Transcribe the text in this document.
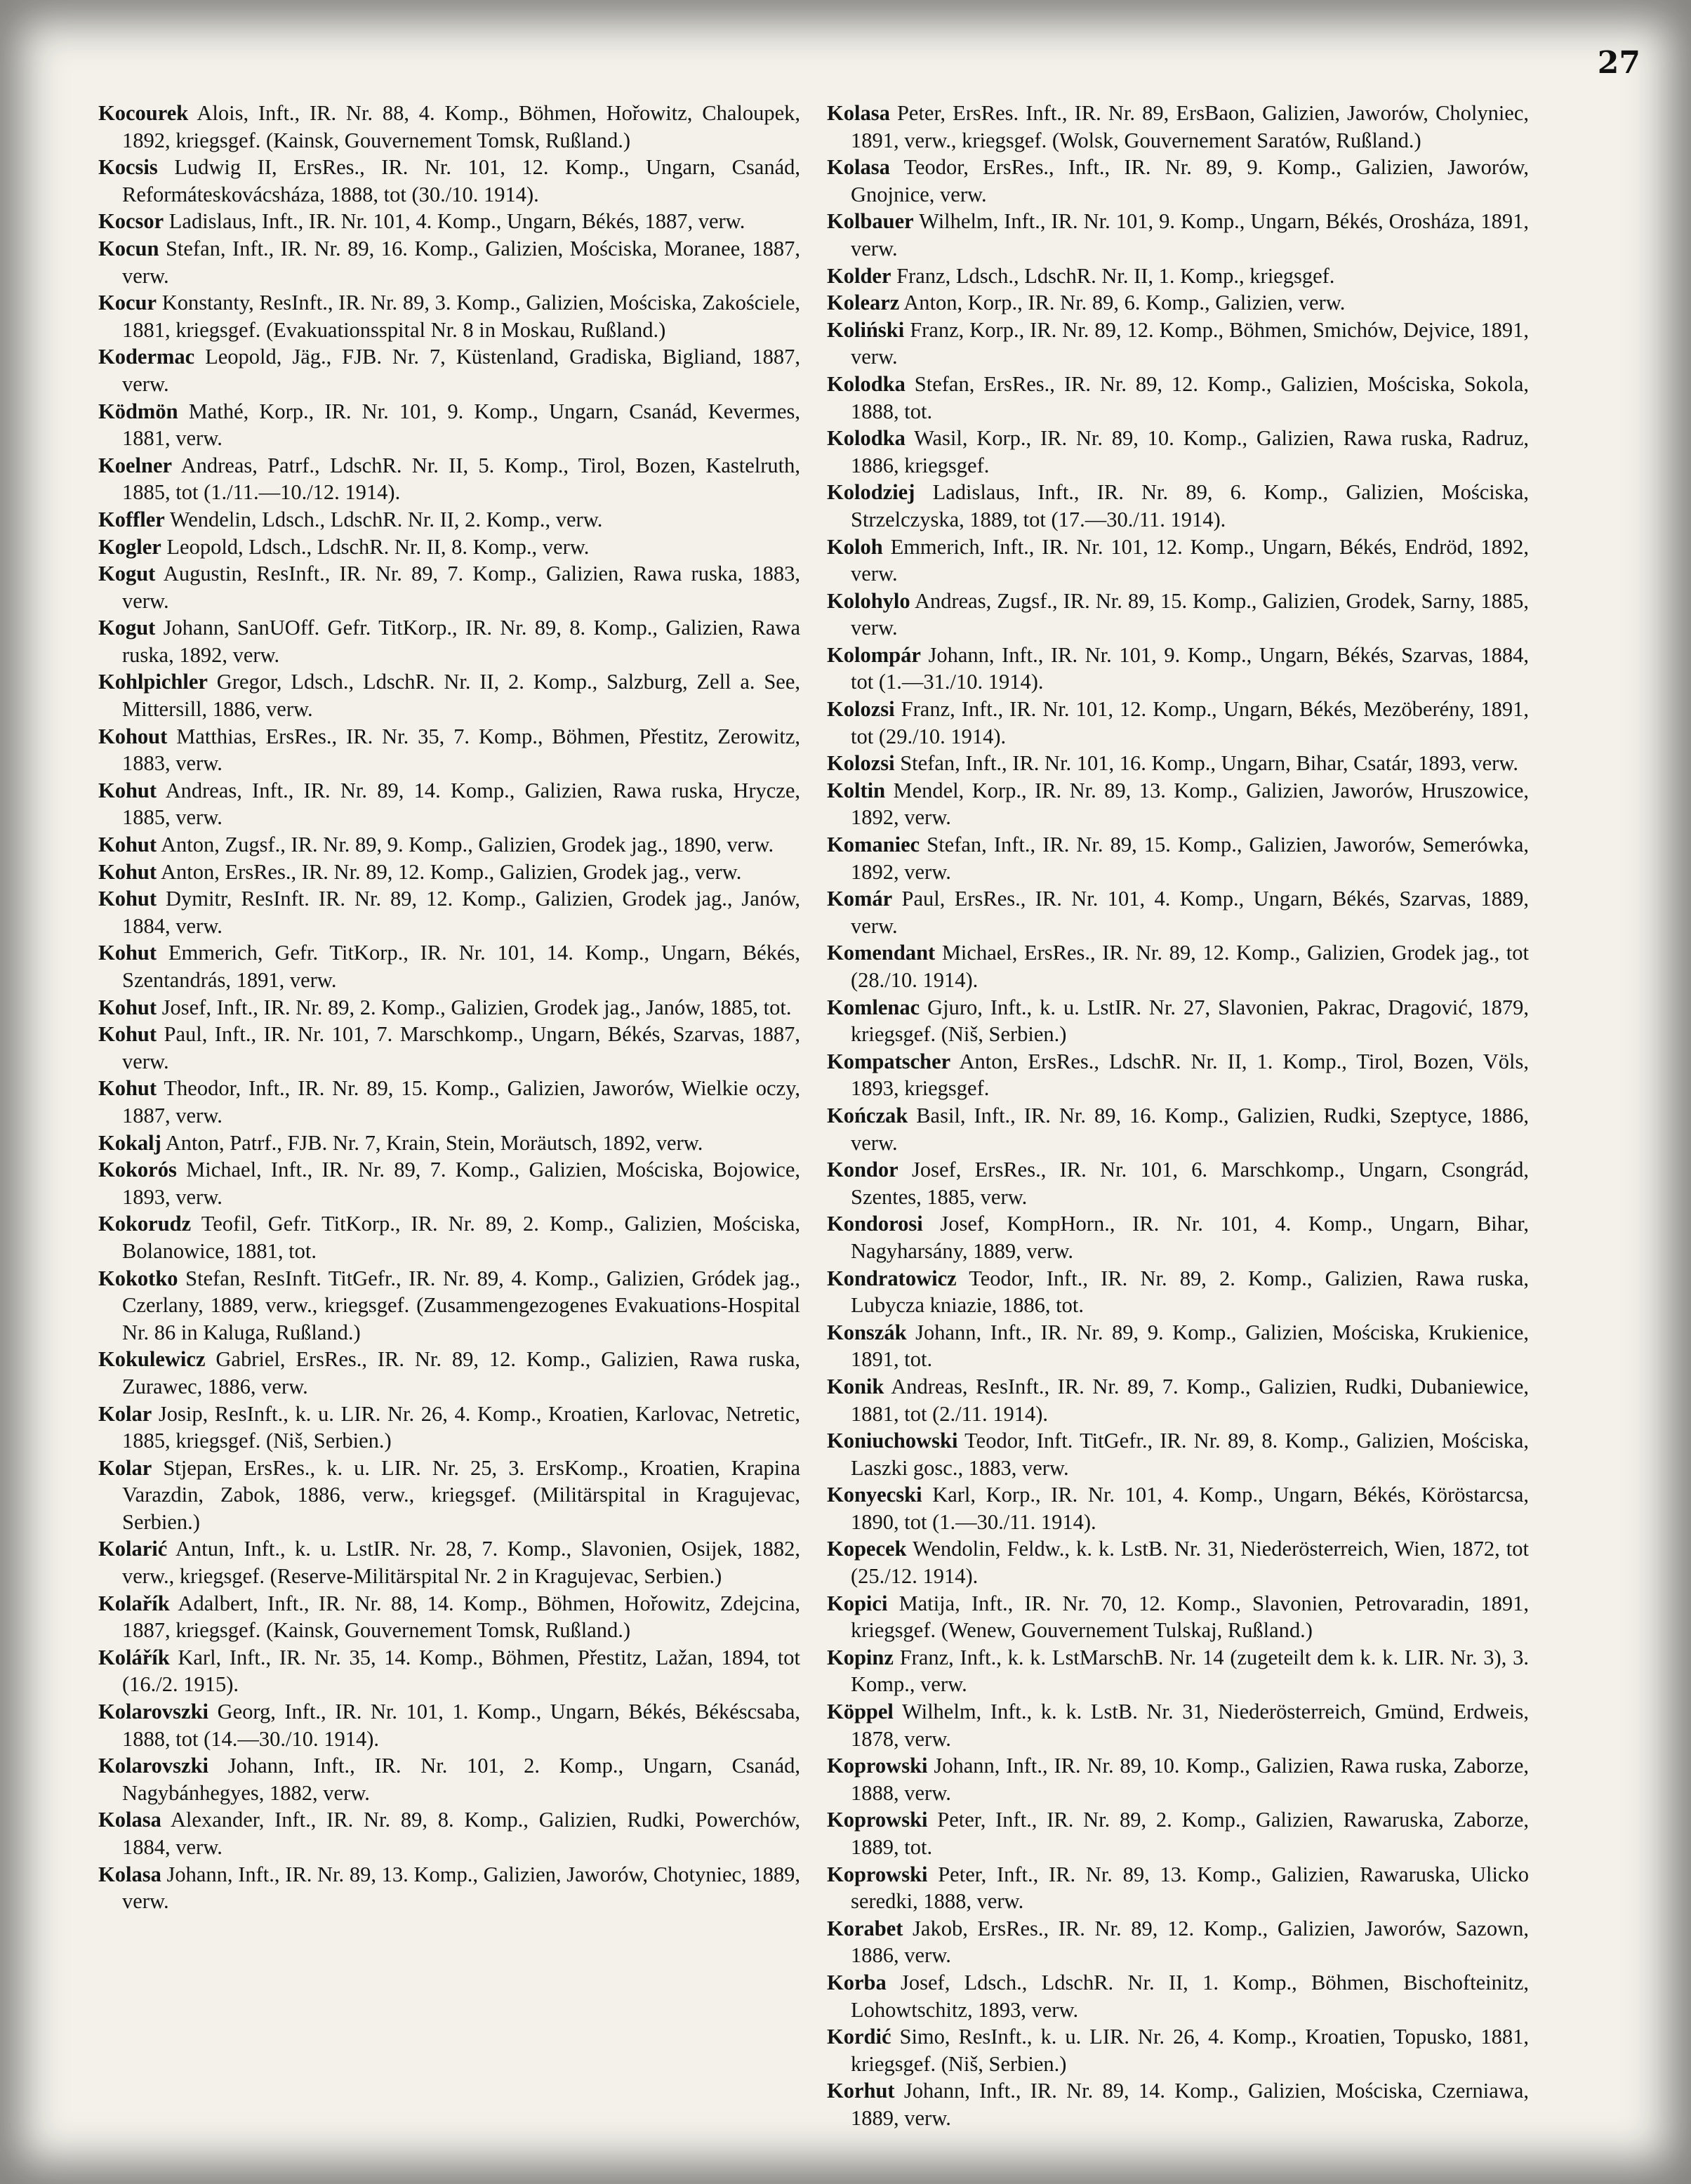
27

Kocourek Alois, Inft., IR. Nr. 88, 4. Komp., Böhmen, Hořowitz, Chaloupek, 1892, kriegsgef. (Kainsk, Gouvernement Tomsk, Rußland.)

Kocsis Ludwig II, ErsRes., IR. Nr. 101, 12. Komp., Ungarn, Csanád, Reformáteskovácsháza, 1888, tot (30./10. 1914).

Kocsor Ladislaus, Inft., IR. Nr. 101, 4. Komp., Ungarn, Békés, 1887, verw.

Kocun Stefan, Inft., IR. Nr. 89, 16. Komp., Galizien, Mościska, Moranee, 1887, verw.

Kocur Konstanty, ResInft., IR. Nr. 89, 3. Komp., Galizien, Mościska, Zakościele, 1881, kriegsgef. (Evakuationsspital Nr. 8 in Moskau, Rußland.)

Kodermac Leopold, Jäg., FJB. Nr. 7, Küstenland, Gradiska, Bigliand, 1887, verw.

Ködmön Mathé, Korp., IR. Nr. 101, 9. Komp., Ungarn, Csanád, Kevermes, 1881, verw.

Koelner Andreas, Patrf., LdschR. Nr. II, 5. Komp., Tirol, Bozen, Kastelruth, 1885, tot (1./11.—10./12. 1914).

Koffler Wendelin, Ldsch., LdschR. Nr. II, 2. Komp., verw.

Kogler Leopold, Ldsch., LdschR. Nr. II, 8. Komp., verw.

Kogut Augustin, ResInft., IR. Nr. 89, 7. Komp., Galizien, Rawa ruska, 1883, verw.

Kogut Johann, SanUOff. Gefr. TitKorp., IR. Nr. 89, 8. Komp., Galizien, Rawa ruska, 1892, verw.

Kohlpichler Gregor, Ldsch., LdschR. Nr. II, 2. Komp., Salzburg, Zell a. See, Mittersill, 1886, verw.

Kohout Matthias, ErsRes., IR. Nr. 35, 7. Komp., Böhmen, Přestitz, Zerowitz, 1883, verw.

Kohut Andreas, Inft., IR. Nr. 89, 14. Komp., Galizien, Rawa ruska, Hrycze, 1885, verw.

Kohut Anton, Zugsf., IR. Nr. 89, 9. Komp., Galizien, Grodek jag., 1890, verw.

Kohut Anton, ErsRes., IR. Nr. 89, 12. Komp., Galizien, Grodek jag., verw.

Kohut Dymitr, ResInft. IR. Nr. 89, 12. Komp., Galizien, Grodek jag., Janów, 1884, verw.

Kohut Emmerich, Gefr. TitKorp., IR. Nr. 101, 14. Komp., Ungarn, Békés, Szentandrás, 1891, verw.

Kohut Josef, Inft., IR. Nr. 89, 2. Komp., Galizien, Grodek jag., Janów, 1885, tot.

Kohut Paul, Inft., IR. Nr. 101, 7. Marschkomp., Ungarn, Békés, Szarvas, 1887, verw.

Kohut Theodor, Inft., IR. Nr. 89, 15. Komp., Galizien, Jaworów, Wielkie oczy, 1887, verw.

Kokalj Anton, Patrf., FJB. Nr. 7, Krain, Stein, Moräutsch, 1892, verw.

Kokorós Michael, Inft., IR. Nr. 89, 7. Komp., Galizien, Mościska, Bojowice, 1893, verw.

Kokorudz Teofil, Gefr. TitKorp., IR. Nr. 89, 2. Komp., Galizien, Mościska, Bolanowice, 1881, tot.

Kokotko Stefan, ResInft. TitGefr., IR. Nr. 89, 4. Komp., Galizien, Gródek jag., Czerlany, 1889, verw., kriegsgef. (Zusammengezogenes Evakuations-Hospital Nr. 86 in Kaluga, Rußland.)

Kokulewicz Gabriel, ErsRes., IR. Nr. 89, 12. Komp., Galizien, Rawa ruska, Zurawec, 1886, verw.

Kolar Josip, ResInft., k. u. LIR. Nr. 26, 4. Komp., Kroatien, Karlovac, Netretic, 1885, kriegsgef. (Niš, Serbien.)

Kolar Stjepan, ErsRes., k. u. LIR. Nr. 25, 3. ErsKomp., Kroatien, Krapina Varazdin, Zabok, 1886, verw., kriegsgef. (Militärspital in Kragujevac, Serbien.)

Kolarić Antun, Inft., k. u. LstIR. Nr. 28, 7. Komp., Slavonien, Osijek, 1882, verw., kriegsgef. (Reserve-Militärspital Nr. 2 in Kragujevac, Serbien.)

Kolařík Adalbert, Inft., IR. Nr. 88, 14. Komp., Böhmen, Hořowitz, Zdejcina, 1887, kriegsgef. (Kainsk, Gouvernement Tomsk, Rußland.)

Kolářík Karl, Inft., IR. Nr. 35, 14. Komp., Böhmen, Přestitz, Lažan, 1894, tot (16./2. 1915).

Kolarovszki Georg, Inft., IR. Nr. 101, 1. Komp., Ungarn, Békés, Békéscsaba, 1888, tot (14.—30./10. 1914).

Kolarovszki Johann, Inft., IR. Nr. 101, 2. Komp., Ungarn, Csanád, Nagybánhegyes, 1882, verw.

Kolasa Alexander, Inft., IR. Nr. 89, 8. Komp., Galizien, Rudki, Powerchów, 1884, verw.

Kolasa Johann, Inft., IR. Nr. 89, 13. Komp., Galizien, Jaworów, Chotyniec, 1889, verw.

Kolasa Peter, ErsRes. Inft., IR. Nr. 89, ErsBaon, Galizien, Jaworów, Cholyniec, 1891, verw., kriegsgef. (Wolsk, Gouvernement Saratów, Rußland.)

Kolasa Teodor, ErsRes., Inft., IR. Nr. 89, 9. Komp., Galizien, Jaworów, Gnojnice, verw.

Kolbauer Wilhelm, Inft., IR. Nr. 101, 9. Komp., Ungarn, Békés, Orosháza, 1891, verw.

Kolder Franz, Ldsch., LdschR. Nr. II, 1. Komp., kriegsgef.

Kolearz Anton, Korp., IR. Nr. 89, 6. Komp., Galizien, verw.

Koliński Franz, Korp., IR. Nr. 89, 12. Komp., Böhmen, Smichów, Dejvice, 1891, verw.

Kolodka Stefan, ErsRes., IR. Nr. 89, 12. Komp., Galizien, Mościska, Sokola, 1888, tot.

Kolodka Wasil, Korp., IR. Nr. 89, 10. Komp., Galizien, Rawa ruska, Radruz, 1886, kriegsgef.

Kolodziej Ladislaus, Inft., IR. Nr. 89, 6. Komp., Galizien, Mościska, Strzelczyska, 1889, tot (17.—30./11. 1914).

Koloh Emmerich, Inft., IR. Nr. 101, 12. Komp., Ungarn, Békés, Endröd, 1892, verw.

Kolohylo Andreas, Zugsf., IR. Nr. 89, 15. Komp., Galizien, Grodek, Sarny, 1885, verw.

Kolompár Johann, Inft., IR. Nr. 101, 9. Komp., Ungarn, Békés, Szarvas, 1884, tot (1.—31./10. 1914).

Kolozsi Franz, Inft., IR. Nr. 101, 12. Komp., Ungarn, Békés, Mezöberény, 1891, tot (29./10. 1914).

Kolozsi Stefan, Inft., IR. Nr. 101, 16. Komp., Ungarn, Bihar, Csatár, 1893, verw.

Koltin Mendel, Korp., IR. Nr. 89, 13. Komp., Galizien, Jaworów, Hruszowice, 1892, verw.

Komaniec Stefan, Inft., IR. Nr. 89, 15. Komp., Galizien, Jaworów, Semerówka, 1892, verw.

Komár Paul, ErsRes., IR. Nr. 101, 4. Komp., Ungarn, Békés, Szarvas, 1889, verw.

Komendant Michael, ErsRes., IR. Nr. 89, 12. Komp., Galizien, Grodek jag., tot (28./10. 1914).

Komlenac Gjuro, Inft., k. u. LstIR. Nr. 27, Slavonien, Pakrac, Dragović, 1879, kriegsgef. (Niš, Serbien.)

Kompatscher Anton, ErsRes., LdschR. Nr. II, 1. Komp., Tirol, Bozen, Völs, 1893, kriegsgef.

Kończak Basil, Inft., IR. Nr. 89, 16. Komp., Galizien, Rudki, Szeptyce, 1886, verw.

Kondor Josef, ErsRes., IR. Nr. 101, 6. Marschkomp., Ungarn, Csongrád, Szentes, 1885, verw.

Kondorosi Josef, KompHorn., IR. Nr. 101, 4. Komp., Ungarn, Bihar, Nagyharsány, 1889, verw.

Kondratowicz Teodor, Inft., IR. Nr. 89, 2. Komp., Galizien, Rawa ruska, Lubycza kniazie, 1886, tot.

Konszák Johann, Inft., IR. Nr. 89, 9. Komp., Galizien, Mościska, Krukienice, 1891, tot.

Konik Andreas, ResInft., IR. Nr. 89, 7. Komp., Galizien, Rudki, Dubaniewice, 1881, tot (2./11. 1914).

Koniuchowski Teodor, Inft. TitGefr., IR. Nr. 89, 8. Komp., Galizien, Mościska, Laszki gosc., 1883, verw.

Konyecski Karl, Korp., IR. Nr. 101, 4. Komp., Ungarn, Békés, Köröstarcsa, 1890, tot (1.—30./11. 1914).

Kopecek Wendolin, Feldw., k. k. LstB. Nr. 31, Niederösterreich, Wien, 1872, tot (25./12. 1914).

Kopici Matija, Inft., IR. Nr. 70, 12. Komp., Slavonien, Petrovaradin, 1891, kriegsgef. (Wenew, Gouvernement Tulskaj, Rußland.)

Kopinz Franz, Inft., k. k. LstMarschB. Nr. 14 (zugeteilt dem k. k. LIR. Nr. 3), 3. Komp., verw.

Köppel Wilhelm, Inft., k. k. LstB. Nr. 31, Niederösterreich, Gmünd, Erdweis, 1878, verw.

Koprowski Johann, Inft., IR. Nr. 89, 10. Komp., Galizien, Rawa ruska, Zaborze, 1888, verw.

Koprowski Peter, Inft., IR. Nr. 89, 2. Komp., Galizien, Rawaruska, Zaborze, 1889, tot.

Koprowski Peter, Inft., IR. Nr. 89, 13. Komp., Galizien, Rawaruska, Ulicko seredki, 1888, verw.

Korabet Jakob, ErsRes., IR. Nr. 89, 12. Komp., Galizien, Jaworów, Sazown, 1886, verw.

Korba Josef, Ldsch., LdschR. Nr. II, 1. Komp., Böhmen, Bischofteinitz, Lohowtschitz, 1893, verw.

Kordić Simo, ResInft., k. u. LIR. Nr. 26, 4. Komp., Kroatien, Topusko, 1881, kriegsgef. (Niš, Serbien.)

Korhut Johann, Inft., IR. Nr. 89, 14. Komp., Galizien, Mościska, Czerniawa, 1889, verw.
